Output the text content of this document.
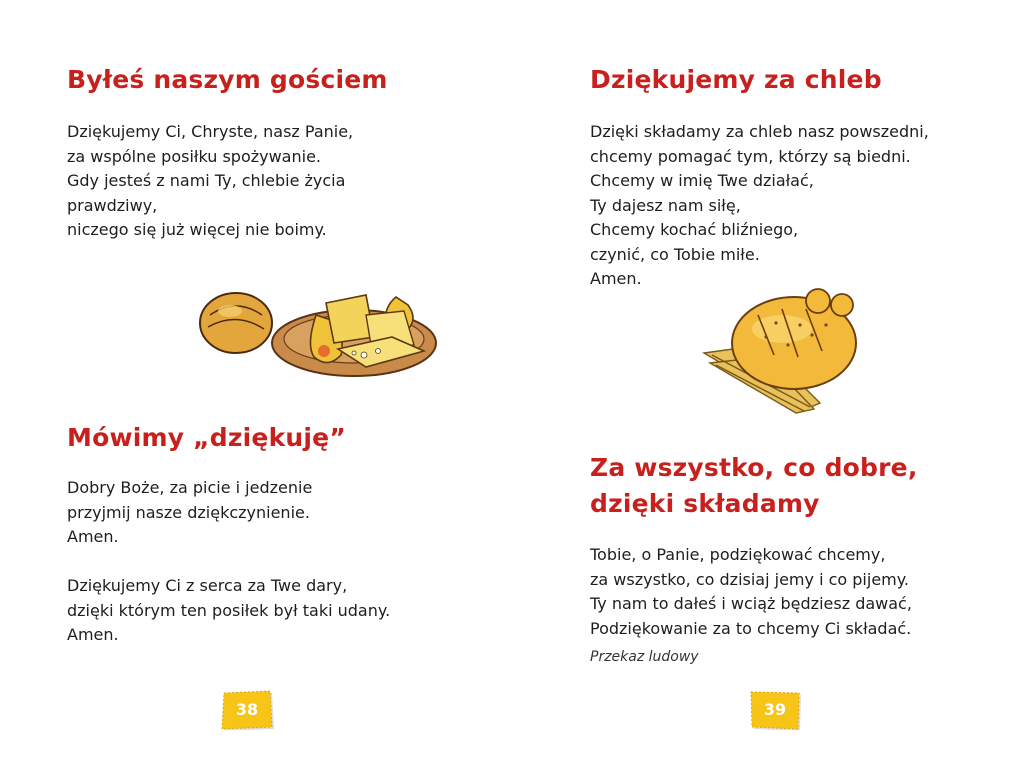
Byłeś naszym gościem
Dziękujemy Ci, Chryste, nasz Panie,
za wspólne posiłku spożywanie.
Gdy jesteś z nami Ty, chlebie życia
prawdziwy,
niczego się już więcej nie boimy.
Mówimy „dziękuję”
Dobry Boże, za picie i jedzenie
przyjmij nasze dziękczynienie.
Amen.
Dziękujemy Ci z serca za Twe dary,
dzięki którym ten posiłek był taki udany.
Amen.
38
Dziękujemy za chleb
Dzięki składamy za chleb nasz powszedni,
chcemy pomagać tym, którzy są biedni.
Chcemy w imię Twe działać,
Ty dajesz nam siłę,
Chcemy kochać bliźniego,
czynić, co Tobie miłe.
Amen.
Za wszystko, co dobre,
dzięki składamy
Tobie, o Panie, podziękować chcemy,
za wszystko, co dzisiaj jemy i co pijemy.
Ty nam to dałeś i wciąż będziesz dawać,
Podziękowanie za to chcemy Ci składać.

Przekaz ludowy

39
